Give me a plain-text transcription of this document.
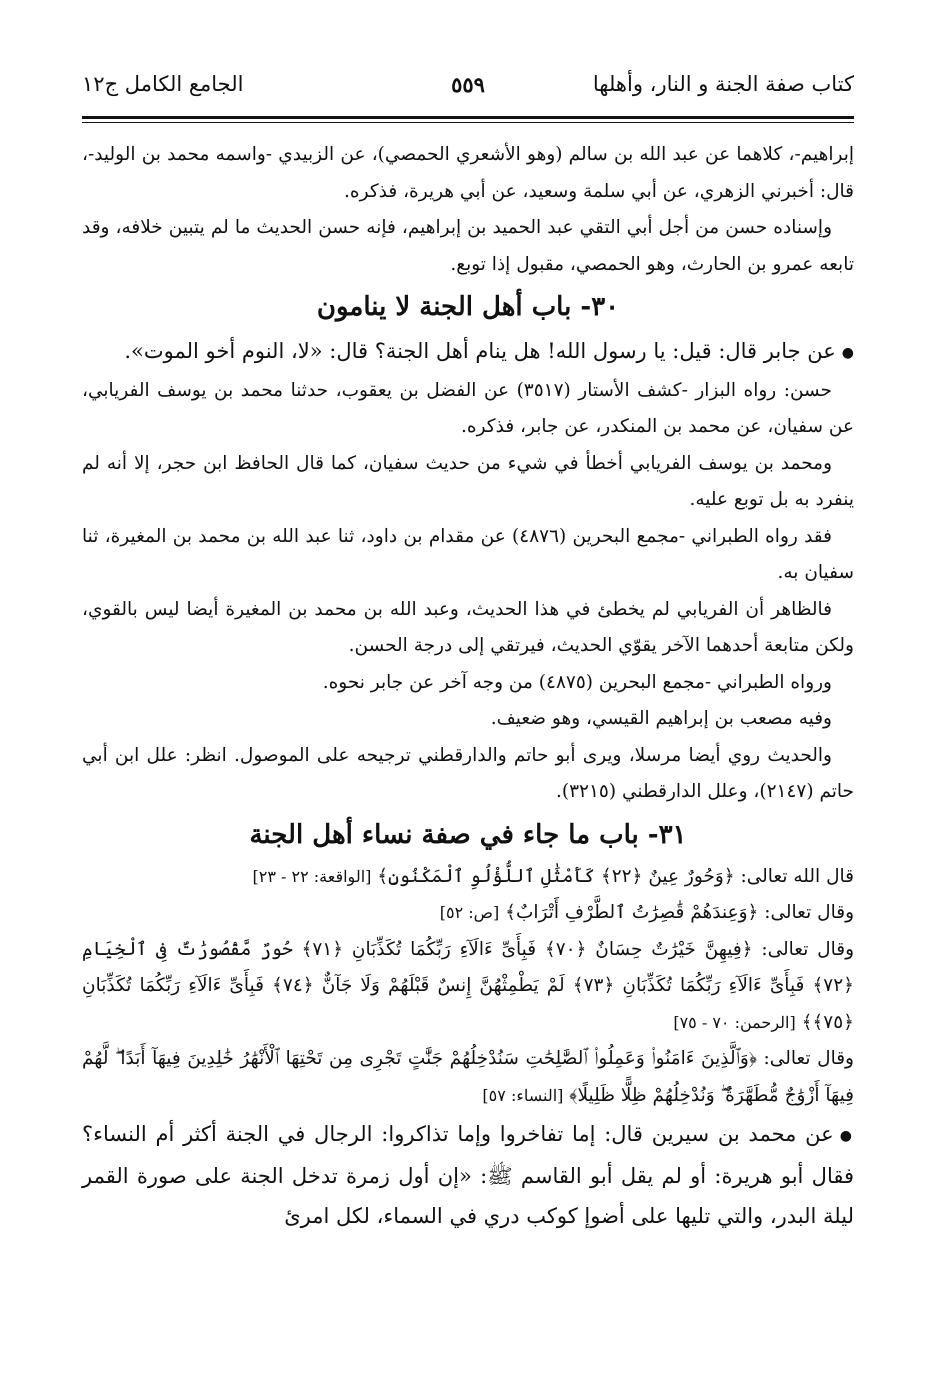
كتاب صفة الجنة و النار، وأهلها
٥٥٩
الجامع الكامل ج١٢

إبراهيم-، كلاهما عن عبد الله بن سالم (وهو الأشعري الحمصي)، عن الزبيدي -واسمه محمد بن الوليد-، قال: أخبرني الزهري، عن أبي سلمة وسعيد، عن أبي هريرة، فذكره.

وإسناده حسن من أجل أبي التقي عبد الحميد بن إبراهيم، فإنه حسن الحديث ما لم يتبين خلافه، وقد تابعه عمرو بن الحارث، وهو الحمصي، مقبول إذا توبع.

٣٠- باب أهل الجنة لا ينامون

●عن جابر قال: قيل: يا رسول الله! هل ينام أهل الجنة؟ قال: «لا، النوم أخو الموت».

حسن: رواه البزار -كشف الأستار (٣٥١٧) عن الفضل بن يعقوب، حدثنا محمد بن يوسف الفريابي، عن سفيان، عن محمد بن المنكدر، عن جابر، فذكره.

ومحمد بن يوسف الفريابي أخطأ في شيء من حديث سفيان، كما قال الحافظ ابن حجر، إلا أنه لم ينفرد به بل توبع عليه.

فقد رواه الطبراني -مجمع البحرين (٤٨٧٦) عن مقدام بن داود، ثنا عبد الله بن محمد بن المغيرة، ثنا سفيان به.

فالظاهر أن الفريابي لم يخطئ في هذا الحديث، وعبد الله بن محمد بن المغيرة أيضا ليس بالقوي، ولكن متابعة أحدهما الآخر يقوّي الحديث، فيرتقي إلى درجة الحسن.

ورواه الطبراني -مجمع البحرين (٤٨٧٥) من وجه آخر عن جابر نحوه.

وفيه مصعب بن إبراهيم القيسي، وهو ضعيف.

والحديث روي أيضا مرسلا، ويرى أبو حاتم والدارقطني ترجيحه على الموصول. انظر: علل ابن أبي حاتم (٢١٤٧)، وعلل الدارقطني (٣٢١٥).

٣١- باب ما جاء في صفة نساء أهل الجنة

قال الله تعالى: ﴿وَحُورٌ عِينٌ ﴿٢٢﴾ كَأَمْثَٰلِ ٱللُّؤْلُوِ ٱلْمَكْنُونِ﴾ [الواقعة: ٢٢ - ٢٣]

وقال تعالى: ﴿وَعِندَهُمْ قَٰصِرَٰتُ ٱلطَّرْفِ أَتْرَابٌ﴾ [ص: ٥٢]

وقال تعالى: ﴿فِيهِنَّ خَيْرَٰتٌ حِسَانٌ ﴿٧٠﴾ فَبِأَىِّ ءَالَآءِ رَبِّكُمَا تُكَذِّبَانِ ﴿٧١﴾ حُورٌ مَّقْصُورَٰتٌ فِى ٱلْخِيَامِ ﴿٧٢﴾ فَبِأَىِّ ءَالَآءِ رَبِّكُمَا تُكَذِّبَانِ ﴿٧٣﴾ لَمْ يَطْمِثْهُنَّ إِنسٌ قَبْلَهُمْ وَلَا جَآنٌّ ﴿٧٤﴾ فَبِأَىِّ ءَالَآءِ رَبِّكُمَا تُكَذِّبَانِ ﴿٧٥﴾﴾ [الرحمن: ٧٠ - ٧٥]

وقال تعالى: ﴿وَٱلَّذِينَ ءَامَنُوا۟ وَعَمِلُوا۟ ٱلصَّٰلِحَٰتِ سَنُدْخِلُهُمْ جَنَّٰتٍ تَجْرِى مِن تَحْتِهَا ٱلْأَنْهَٰرُ خَٰلِدِينَ فِيهَآ أَبَدًا ۖ لَّهُمْ فِيهَآ أَزْوَٰجٌ مُّطَهَّرَةٌ ۖ وَنُدْخِلُهُمْ ظِلًّا ظَلِيلًا﴾ [النساء: ٥٧]

●عن محمد بن سيرين قال: إما تفاخروا وإما تذاكروا: الرجال في الجنة أكثر أم النساء؟ فقال أبو هريرة: أو لم يقل أبو القاسم ﷺ: «إن أول زمرة تدخل الجنة على صورة القمر ليلة البدر، والتي تليها على أضوإ كوكب دري في السماء، لكل امرئ
